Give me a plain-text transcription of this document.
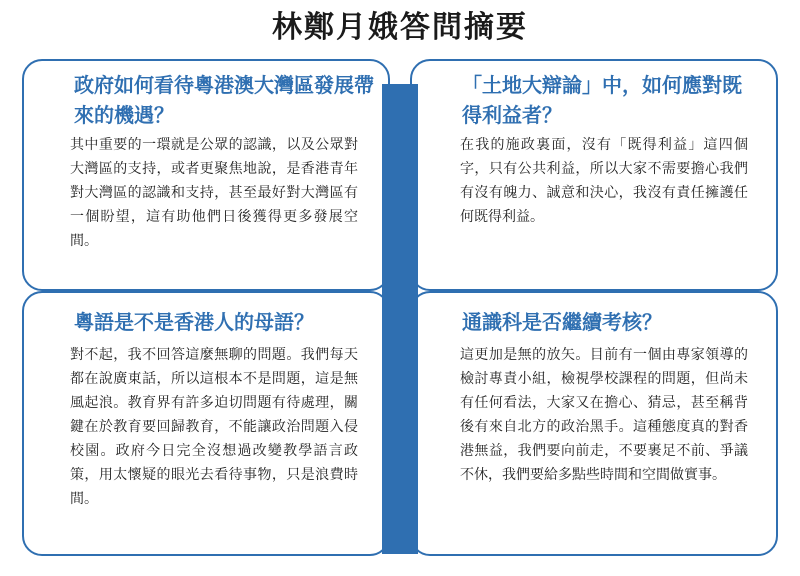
林鄭月娥答問摘要

政府如何看待粵港澳大灣區發展帶來的機遇？

其中重要的一環就是公眾的認識，以及公眾對大灣區的支持，或者更聚焦地說，是香港青年對大灣區的認識和支持，甚至最好對大灣區有一個盼望，這有助他們日後獲得更多發展空間。

「土地大辯論」中，如何應對既得利益者？

在我的施政裏面，沒有「既得利益」這四個字，只有公共利益，所以大家不需要擔心我們有沒有魄力、誠意和決心，我沒有責任擁護任何既得利益。

粵語是不是香港人的母語？

對不起，我不回答這麼無聊的問題。我們每天都在說廣東話，所以這根本不是問題，這是無風起浪。教育界有許多迫切問題有待處理，關鍵在於教育要回歸教育，不能讓政治問題入侵校園。政府今日完全沒想過改變教學語言政策，用太懷疑的眼光去看待事物，只是浪費時間。

通識科是否繼續考核？

這更加是無的放矢。目前有一個由專家領導的檢討專責小組，檢視學校課程的問題，但尚未有任何看法，大家又在擔心、猜忌，甚至稱背後有來自北方的政治黑手。這種態度真的對香港無益，我們要向前走，不要裹足不前、爭議不休，我們要給多點些時間和空間做實事。
